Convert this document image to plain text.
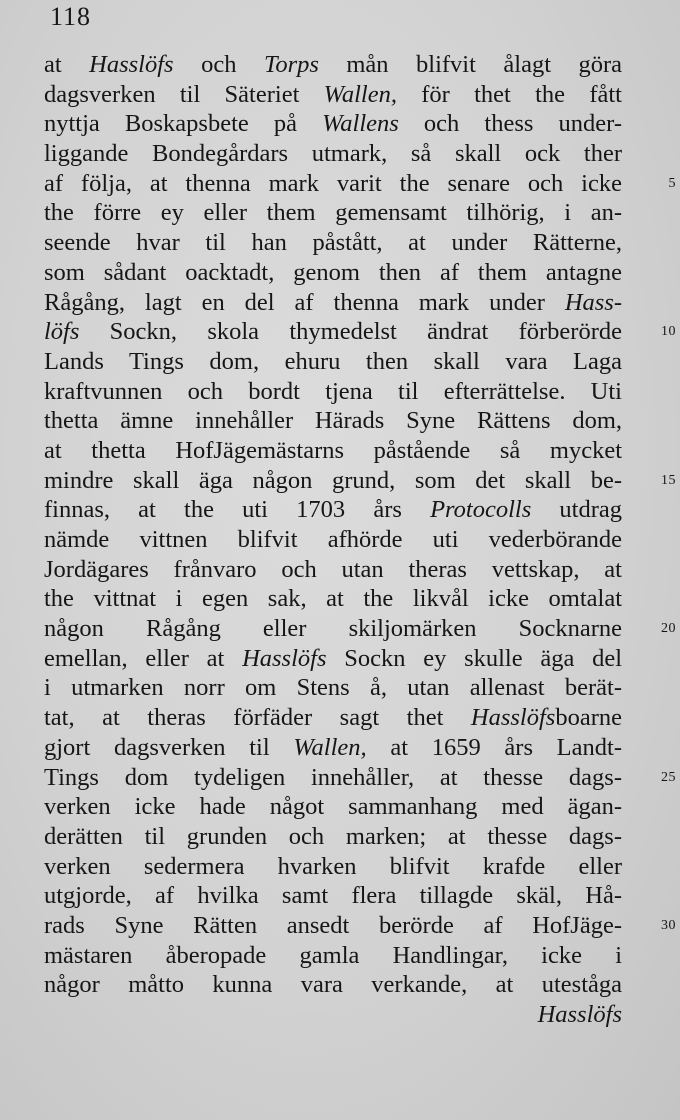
118
at Hasslöfs och Torps mån blifvit ålagt göra
dagsverken til Säteriet Wallen, för thet the fått
nyttja Boskapsbete på Wallens och thess under-
liggande Bondegårdars utmark, så skall ock ther
af följa, at thenna mark varit the senare och icke
the förre ey eller them gemensamt tilhörig, i an-
seende hvar til han påstått, at under Rätterne,
som sådant oacktadt, genom then af them antagne
Rågång, lagt en del af thenna mark under Hass-
löfs Sockn, skola thymedelst ändrat förberörde
Lands Tings dom, ehuru then skall vara Laga
kraftvunnen och bordt tjena til efterrättelse. Uti
thetta ämne innehåller Härads Syne Rättens dom,
at thetta HofJägemästarns påstående så mycket
mindre skall äga någon grund, som det skall be-
finnas, at the uti 1703 års Protocolls utdrag
nämde vittnen blifvit afhörde uti vederbörande
Jordägares frånvaro och utan theras vettskap, at
the vittnat i egen sak, at the likvål icke omtalat
någon Rågång eller skiljomärken Socknarne
emellan, eller at Hasslöfs Sockn ey skulle äga del
i utmarken norr om Stens å, utan allenast berät-
tat, at theras förfäder sagt thet Hasslöfsboarne
gjort dagsverken til Wallen, at 1659 års Landt-
Tings dom tydeligen innehåller, at thesse dags-
verken icke hade något sammanhang med ägan-
derätten til grunden och marken; at thesse dags-
verken sedermera hvarken blifvit krafde eller
utgjorde, af hvilka samt flera tillagde skäl, Hå-
rads Syne Rätten ansedt berörde af HofJäge-
mästaren åberopade gamla Handlingar, icke i
någor måtto kunna vara verkande, at uteståga
Hasslöfs
5
10
15
20
25
30
